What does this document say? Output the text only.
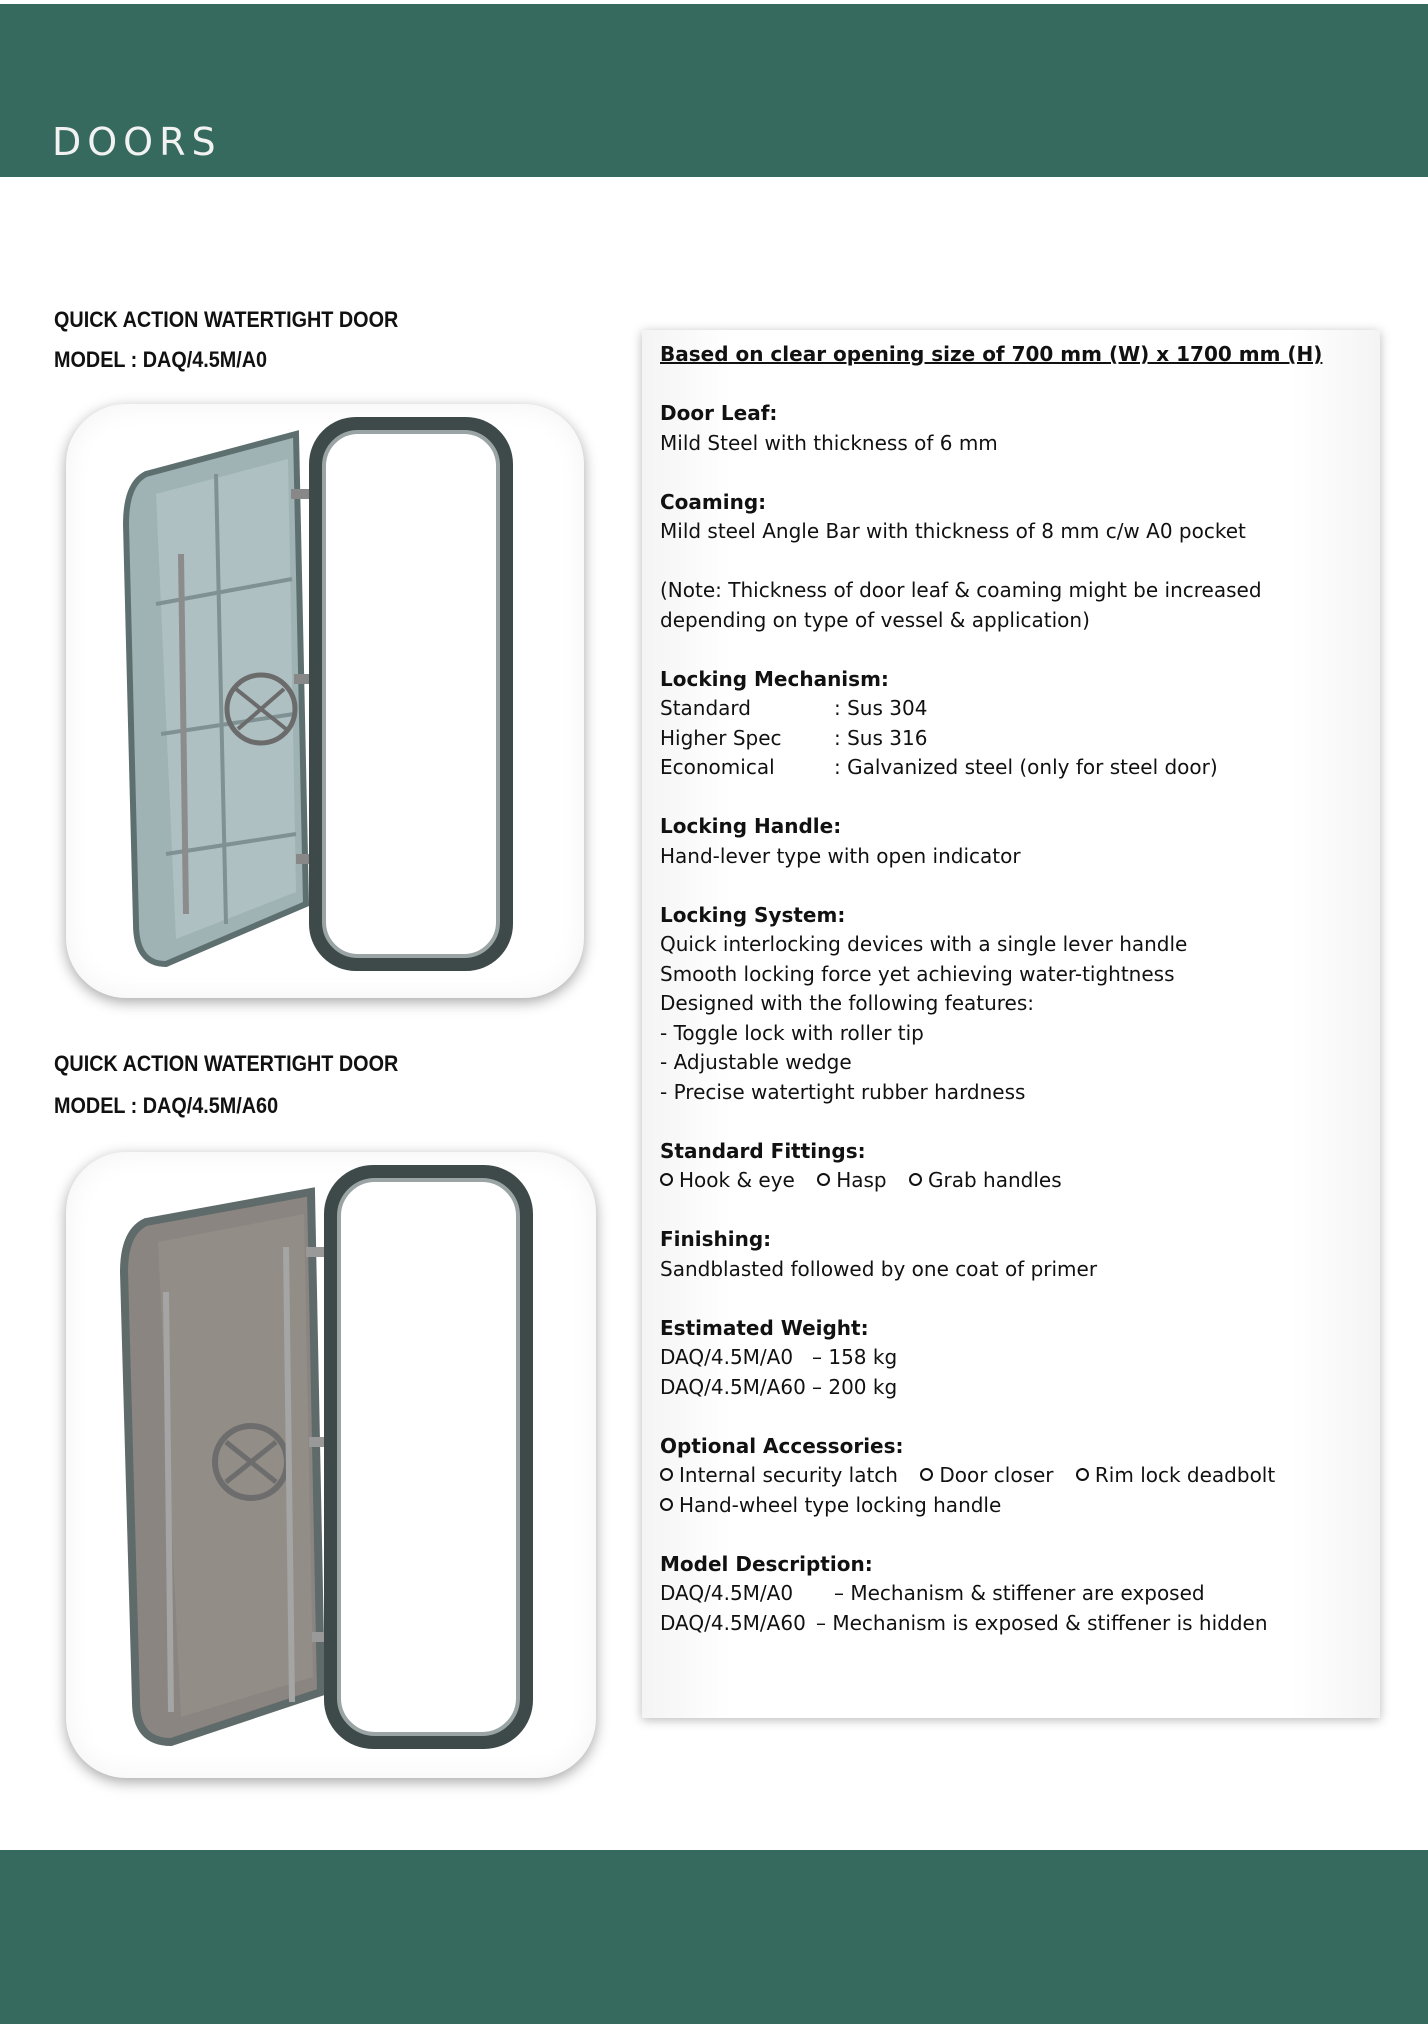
DOORS
QUICK ACTION WATERTIGHT DOOR
MODEL : DAQ/4.5M/A0
QUICK ACTION WATERTIGHT DOOR
MODEL : DAQ/4.5M/A60
Based on clear opening size of 700 mm (W) x 1700 mm (H)
Door Leaf:
Mild Steel with thickness of 6 mm
Coaming:
Mild steel Angle Bar with thickness of 8 mm c/w A0 pocket
(Note: Thickness of door leaf & coaming might be increased depending on type of vessel & application)
Locking Mechanism:
Standard	: Sus 304
Higher Spec	: Sus 316
Economical	: Galvanized steel (only for steel door)
Locking Handle:
Hand-lever type with open indicator
Locking System:
Quick interlocking devices with a single lever handle
Smooth locking force yet achieving water-tightness
Designed with the following features:
- Toggle lock with roller tip
- Adjustable wedge
- Precise watertight rubber hardness
Standard Fittings:
Hook & eye Hasp Grab handles
Finishing:
Sandblasted followed by one coat of primer
Estimated Weight:
DAQ/4.5M/A0 – 158 kg
DAQ/4.5M/A60 – 200 kg
Optional Accessories:
Internal security latch Door closer Rim lock deadbolt
Hand-wheel type locking handle
Model Description:
DAQ/4.5M/A0	– Mechanism & stiffener are exposed
DAQ/4.5M/A60 – Mechanism is exposed & stiffener is hidden
